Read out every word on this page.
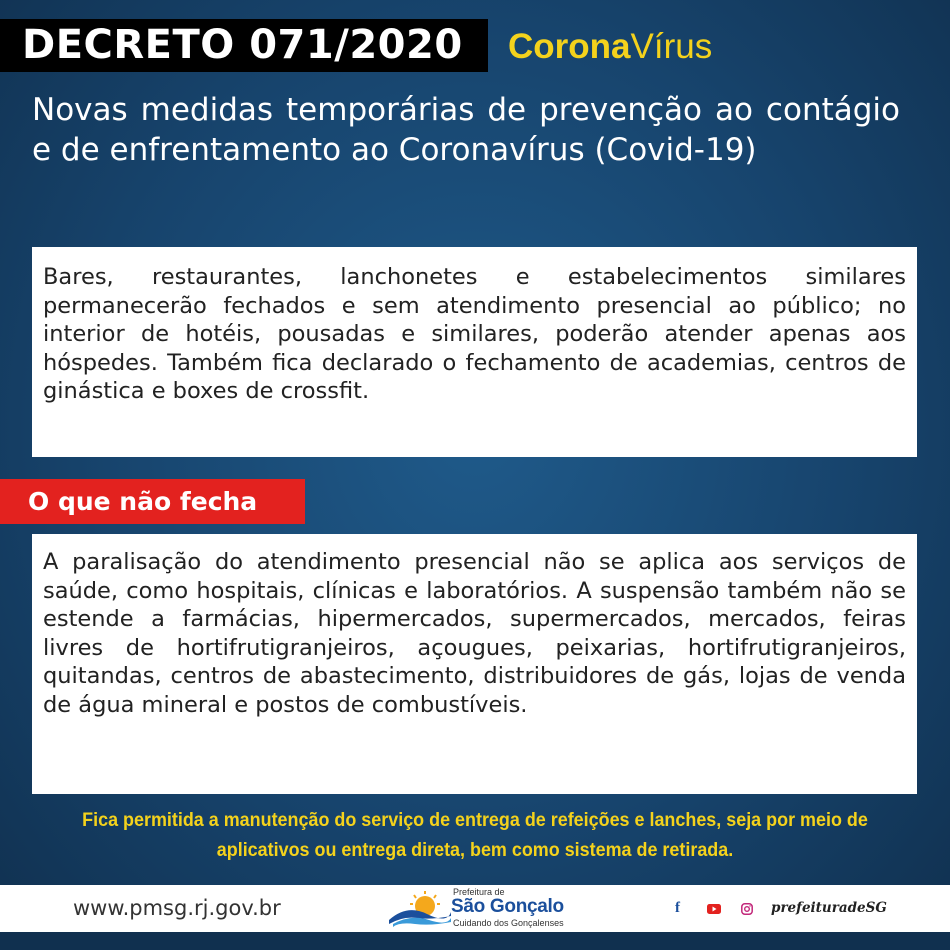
DECRETO 071/2020	CoronaVírus
Novas medidas temporárias de prevenção ao contágio e de enfrentamento ao Coronavírus (Covid-19)
Bares, restaurantes, lanchonetes e estabelecimentos similares permanecerão fechados e sem atendimento presencial ao público; no interior de hotéis, pousadas e similares, poderão atender apenas aos hóspedes. Também fica declarado o fechamento de academias, centros de ginástica e boxes de crossfit.
O que não fecha
A paralisação do atendimento presencial não se aplica aos serviços de saúde, como hospitais, clínicas e laboratórios. A suspensão também não se estende a farmácias, hipermercados, supermercados, mercados, feiras livres de hortifrutigranjeiros, açougues, peixarias, hortifrutigranjeiros, quitandas, centros de abastecimento, distribuidores de gás, lojas de venda de água mineral e postos de combustíveis.
Fica permitida a manutenção do serviço de entrega de refeições e lanches, seja por meio de aplicativos ou entrega direta, bem como sistema de retirada.
www.pmsg.rj.gov.br
Prefeitura de
São Gonçalo
Cuidando dos Gonçalenses
f	prefeituradeSG
